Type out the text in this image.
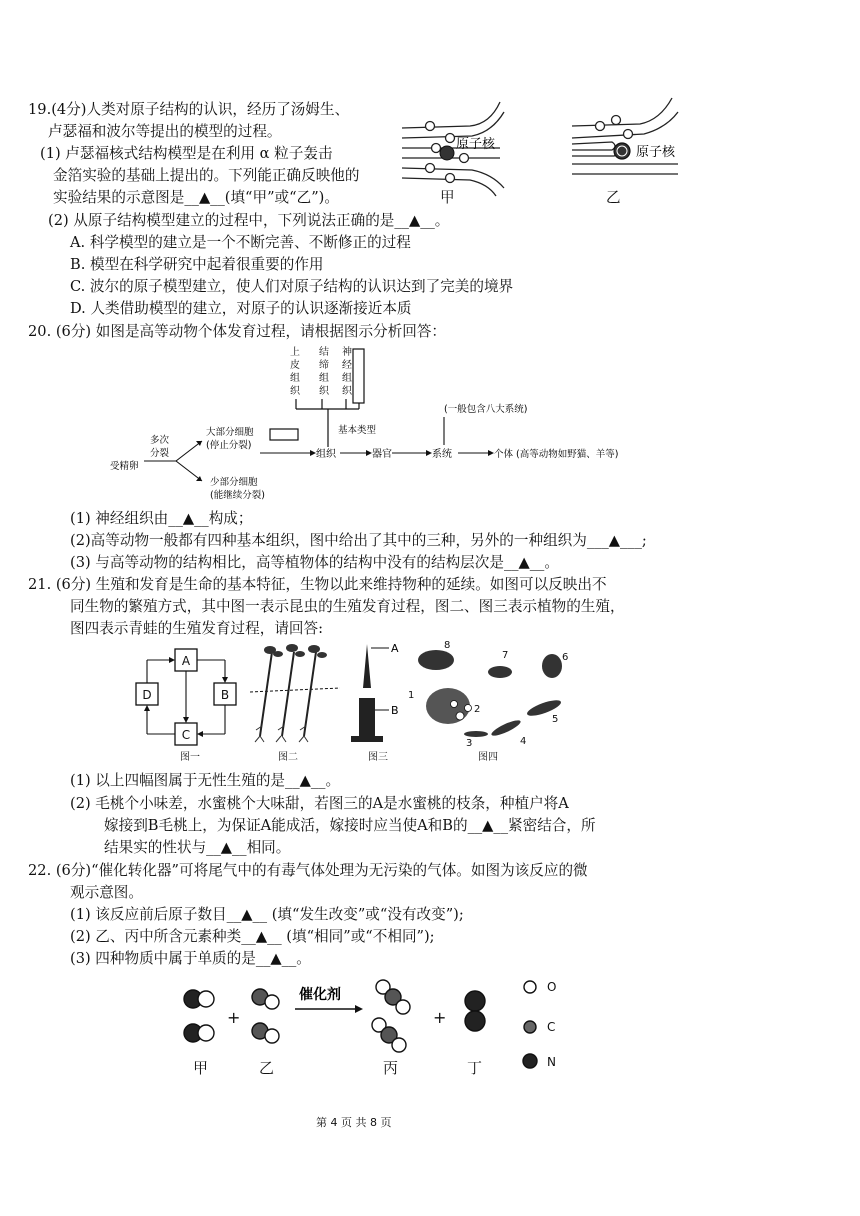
19.(4分)人类对原子结构的认识，经历了汤姆生、
卢瑟福和波尔等提出的模型的过程。
(1) 卢瑟福核式结构模型是在利用 α 粒子轰击
金箔实验的基础上提出的。下列能正确反映他的
实验结果的示意图是__▲__(填“甲”或“乙”)。
(2) 从原子结构模型建立的过程中，下列说法正确的是__▲__。
A. 科学模型的建立是一个不断完善、不断修正的过程
B. 模型在科学研究中起着很重要的作用
C. 波尔的原子模型建立，使人们对原子结构的认识达到了完美的境界
D. 人类借助模型的建立，对原子的认识逐渐接近本质
原子核
甲
原子核
乙
20. (6分) 如图是高等动物个体发育过程，请根据图示分析回答：
上皮组织
结缔组织
神经组织
(一般包含八大系统)
大部分细胞
(停止分裂)
基本类型
多次
分裂
受精卵
少部分细胞
(能继续分裂)
组织	器官	系统	个体 (高等动物如野猫、羊等)
(1) 神经组织由__▲__构成；
(2)高等动物一般都有四种基本组织，图中给出了其中的三种，另外的一种组织为___▲___;
(3) 与高等动物的结构相比，高等植物体的结构中没有的结构层次是__▲__。
21. (6分) 生殖和发育是生命的基本特征，生物以此来维持物种的延续。如图可以反映出不
同生物的繁殖方式，其中图一表示昆虫的生殖发育过程，图二、图三表示植物的生殖，
图四表示青蛙的生殖发育过程，请回答:
A
B
C
D
图一	图二
A
B
图三
1
2
3	4
5
6
7
8
图四
(1) 以上四幅图属于无性生殖的是__▲__。
(2) 毛桃个小味差，水蜜桃个大味甜，若图三的A是水蜜桃的枝条，种植户将A
嫁接到B毛桃上，为保证A能成活，嫁接时应当使A和B的__▲__紧密结合，所
结果实的性状与__▲__相同。
22. (6分)“催化转化器”可将尾气中的有毒气体处理为无污染的气体。如图为该反应的微
观示意图。
(1) 该反应前后原子数目__▲__ (填“发生改变”或“没有改变”);
(2) 乙、丙中所含元素种类__▲__ (填“相同”或“不相同”);
(3) 四种物质中属于单质的是__▲__。
+	+
催化剂
甲	乙	丙	丁
O
C
N
第 4 页 共 8 页
